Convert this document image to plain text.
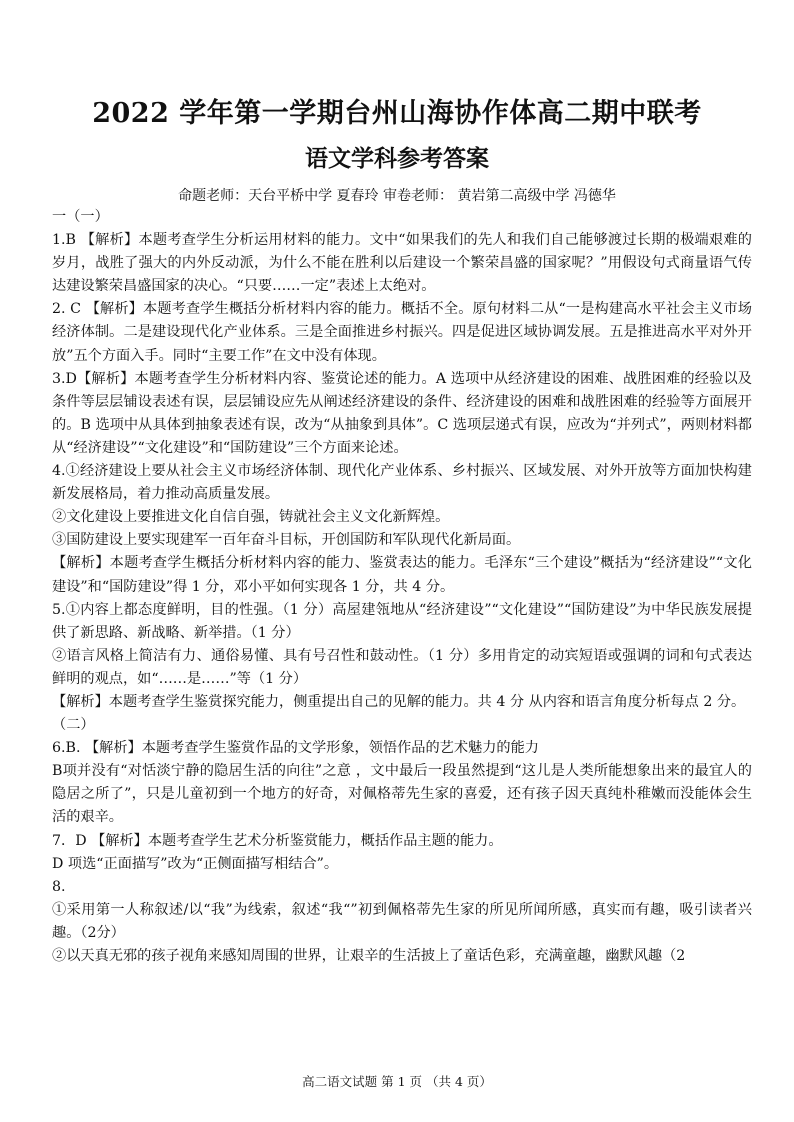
2022 学年第一学期台州山海协作体高二期中联考
语文学科参考答案
命题老师：天台平桥中学 夏春玲 审卷老师： 黄岩第二高级中学 冯德华

一（一）

1.B 【解析】本题考查学生分析运用材料的能力。文中“如果我们的先人和我们自己能够渡过长期的极端艰难的岁月，战胜了强大的内外反动派，为什么不能在胜利以后建设一个繁荣昌盛的国家呢？”用假设句式商量语气传达建设繁荣昌盛国家的决心。“只要……一定”表述上太绝对。

2. C 【解析】本题考查学生概括分析材料内容的能力。概括不全。原句材料二从“一是构建高水平社会主义市场经济体制。二是建设现代化产业体系。三是全面推进乡村振兴。四是促进区域协调发展。五是推进高水平对外开放”五个方面入手。同时“主要工作”在文中没有体现。

3.D【解析】本题考查学生分析材料内容、鉴赏论述的能力。A 选项中从经济建设的困难、战胜困难的经验以及条件等层层铺设表述有误，层层铺设应先从阐述经济建设的条件、经济建设的困难和战胜困难的经验等方面展开的。B 选项中从具体到抽象表述有误，改为“从抽象到具体”。C 选项层递式有误，应改为“并列式”，两则材料都从“经济建设”“文化建设”和“国防建设”三个方面来论述。

4.①经济建设上要从社会主义市场经济体制、现代化产业体系、乡村振兴、区域发展、对外开放等方面加快构建新发展格局，着力推动高质量发展。

②文化建设上要推进文化自信自强，铸就社会主义文化新辉煌。

③国防建设上要实现建军一百年奋斗目标，开创国防和军队现代化新局面。

【解析】本题考查学生概括分析材料内容的能力、鉴赏表达的能力。毛泽东“三个建设”概括为“经济建设”“文化建设”和“国防建设”得 1 分，邓小平如何实现各 1 分，共 4 分。

5.①内容上都态度鲜明，目的性强。（1 分）高屋建瓴地从“经济建设”“文化建设”“国防建设”为中华民族发展提供了新思路、新战略、新举措。（1 分）

②语言风格上简洁有力、通俗易懂、具有号召性和鼓动性。（1 分）多用肯定的动宾短语或强调的词和句式表达鲜明的观点，如“……是……”等（1 分）

【解析】本题考查学生鉴赏探究能力，侧重提出自己的见解的能力。共 4 分 从内容和语言角度分析每点 2 分。

（二）

6.B. 【解析】本题考查学生鉴赏作品的文学形象，领悟作品的艺术魅力的能力

B项并没有“对恬淡宁静的隐居生活的向往”之意 ，文中最后一段虽然提到“这儿是人类所能想象出来的最宜人的隐居之所了”，只是儿童初到一个地方的好奇，对佩格蒂先生家的喜爱，还有孩子因天真纯朴稚嫩而没能体会生活的艰辛。

7．D 【解析】本题考查学生艺术分析鉴赏能力，概括作品主题的能力。

D 项选“正面描写”改为“正侧面描写相结合”。

8.

①采用第一人称叙述/以“我”为线索，叙述“我“”初到佩格蒂先生家的所见所闻所感，真实而有趣，吸引读者兴趣。（2分）

②以天真无邪的孩子视角来感知周围的世界，让艰辛的生活披上了童话色彩，充满童趣，幽默风趣（2

高二语文试题 第 1 页 （共 4 页）
